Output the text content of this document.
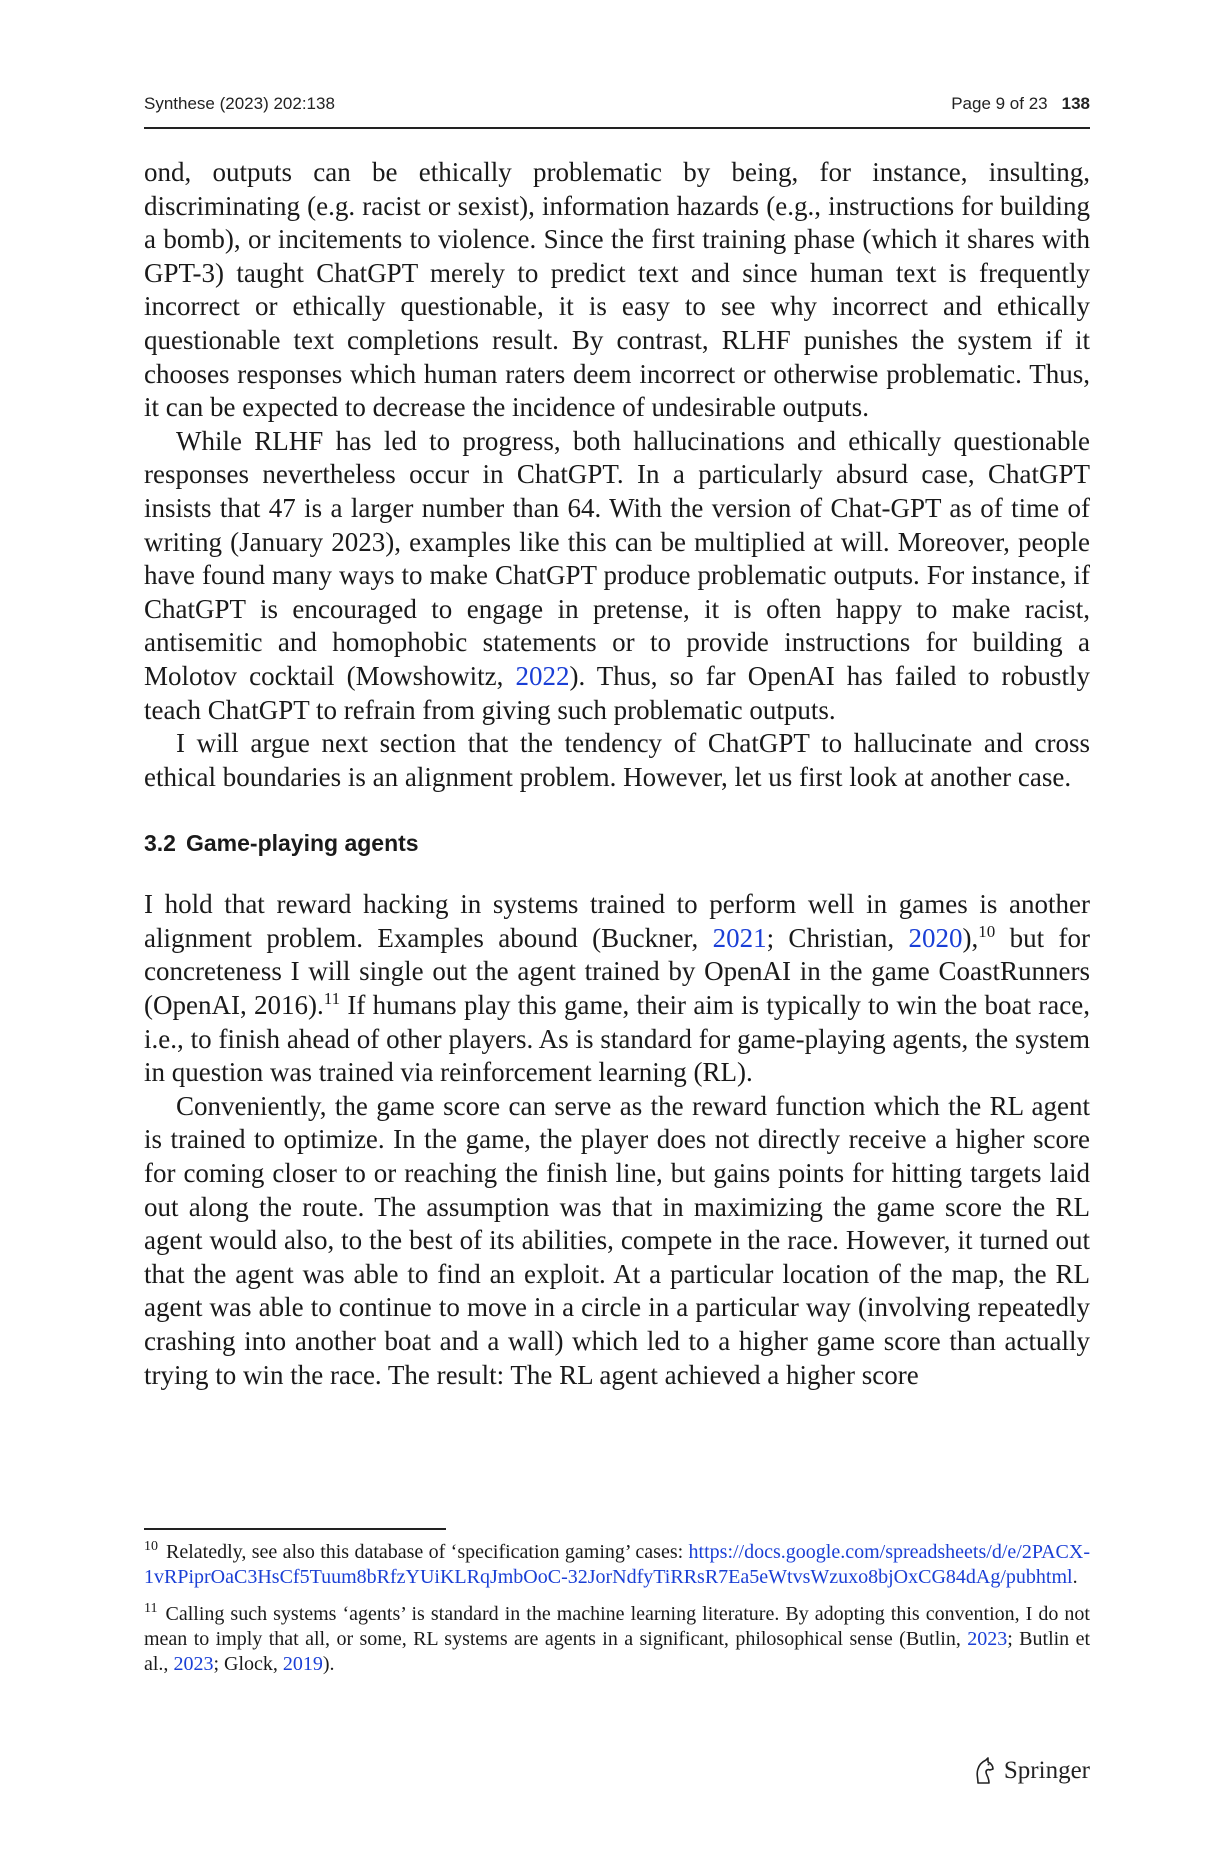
Synthese (2023) 202:138	Page 9 of 23 138

ond, outputs can be ethically problematic by being, for instance, insulting, discriminating (e.g. racist or sexist), information hazards (e.g., instructions for building a bomb), or incitements to violence. Since the first training phase (which it shares with GPT-3) taught ChatGPT merely to predict text and since human text is frequently incorrect or ethically questionable, it is easy to see why incorrect and ethically questionable text completions result. By contrast, RLHF punishes the system if it chooses responses which human raters deem incorrect or otherwise problematic. Thus, it can be expected to decrease the incidence of undesirable outputs.

While RLHF has led to progress, both hallucinations and ethically questionable responses nevertheless occur in ChatGPT. In a particularly absurd case, ChatGPT insists that 47 is a larger number than 64. With the version of Chat-GPT as of time of writing (January 2023), examples like this can be multiplied at will. Moreover, people have found many ways to make ChatGPT produce problematic outputs. For instance, if ChatGPT is encouraged to engage in pretense, it is often happy to make racist, antisemitic and homophobic statements or to provide instructions for building a Molotov cocktail (Mowshowitz, 2022). Thus, so far OpenAI has failed to robustly teach ChatGPT to refrain from giving such problematic outputs.

I will argue next section that the tendency of ChatGPT to hallucinate and cross ethical boundaries is an alignment problem. However, let us first look at another case.

3.2 Game-playing agents

I hold that reward hacking in systems trained to perform well in games is another alignment problem. Examples abound (Buckner, 2021; Christian, 2020),$^{10}$ but for concreteness I will single out the agent trained by OpenAI in the game CoastRunners (OpenAI, 2016).$^{11}$ If humans play this game, their aim is typically to win the boat race, i.e., to finish ahead of other players. As is standard for game-playing agents, the system in question was trained via reinforcement learning (RL).

Conveniently, the game score can serve as the reward function which the RL agent is trained to optimize. In the game, the player does not directly receive a higher score for coming closer to or reaching the finish line, but gains points for hitting targets laid out along the route. The assumption was that in maximizing the game score the RL agent would also, to the best of its abilities, compete in the race. However, it turned out that the agent was able to find an exploit. At a particular location of the map, the RL agent was able to continue to move in a circle in a particular way (involving repeatedly crashing into another boat and a wall) which led to a higher game score than actually trying to win the race. The result: The RL agent achieved a higher score

$^{10}$ Relatedly, see also this database of ‘specification gaming’ cases: https://docs.google.com/spreadsheets/d/e/2PACX-1vRPiprOaC3HsCf5Tuum8bRfzYUiKLRqJmbOoC-32JorNdfyTiRRsR7Ea5eWtvsWzuxo8bjOxCG84dAg/pubhtml.

$^{11}$ Calling such systems ‘agents’ is standard in the machine learning literature. By adopting this convention, I do not mean to imply that all, or some, RL systems are agents in a significant, philosophical sense (Butlin, 2023; Butlin et al., 2023; Glock, 2019).

Springer
